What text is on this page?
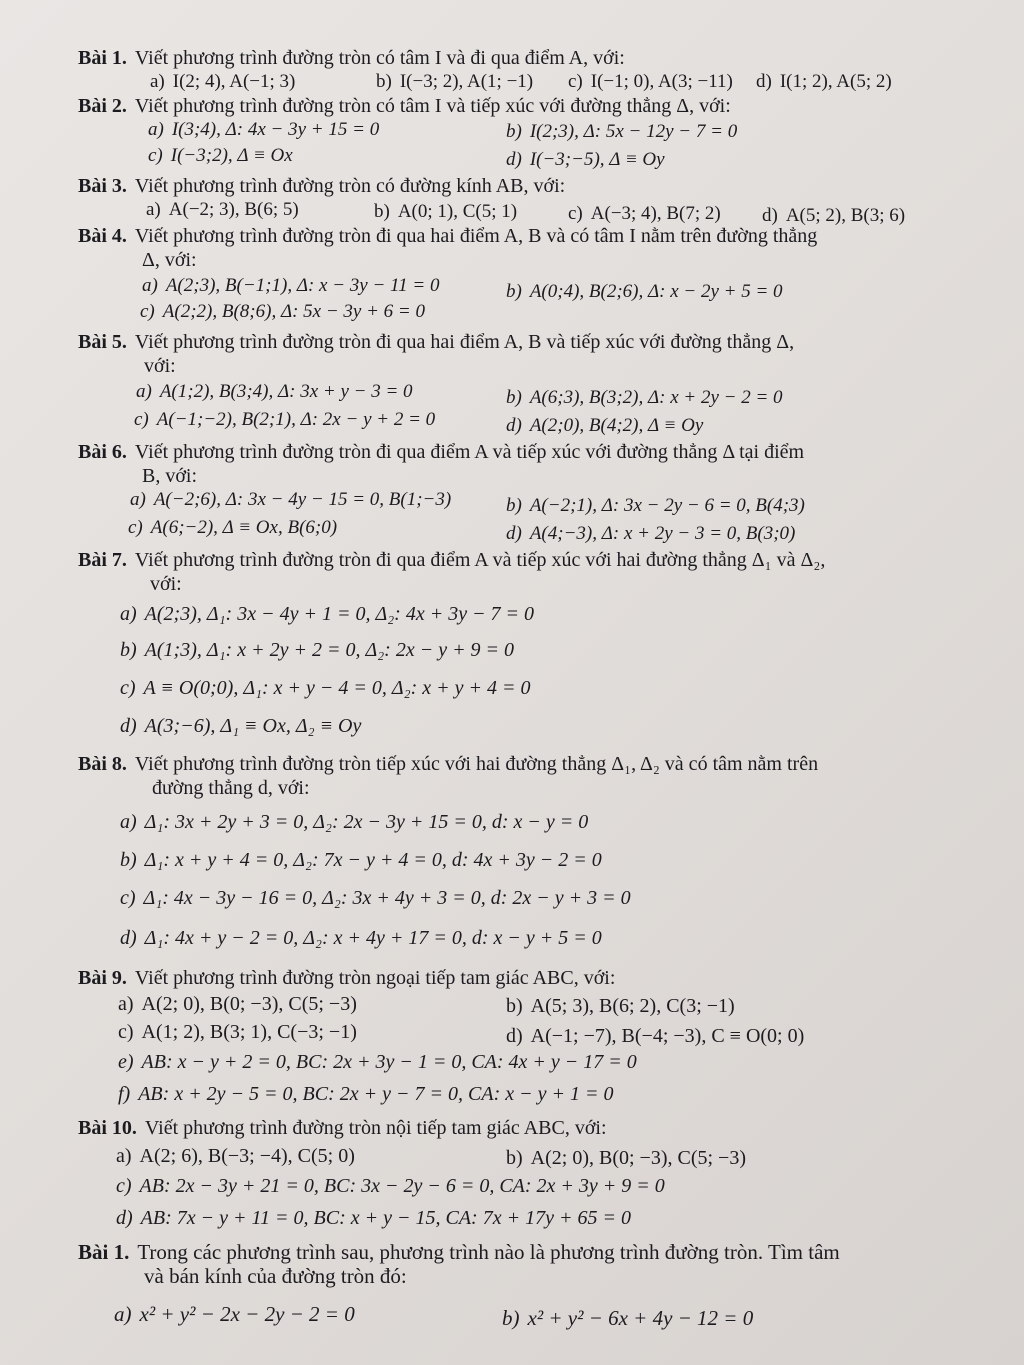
Bài 1. Viết phương trình đường tròn có tâm I và đi qua điểm A, với:
a) I(2; 4), A(−1; 3)	b) I(−3; 2), A(1; −1) c) I(−1; 0), A(3; −11) d) I(1; 2), A(5; 2)
Bài 2. Viết phương trình đường tròn có tâm I và tiếp xúc với đường thẳng Δ, với:
a) I(3;4), Δ: 4x − 3y + 15 = 0	b) I(2;3), Δ: 5x − 12y − 7 = 0
c) I(−3;2), Δ ≡ Ox	d) I(−3;−5), Δ ≡ Oy
Bài 3. Viết phương trình đường tròn có đường kính AB, với:
a) A(−2; 3), B(6; 5)	b) A(0; 1), C(5; 1)	c) A(−3; 4), B(7; 2) d) A(5; 2), B(3; 6)
Bài 4. Viết phương trình đường tròn đi qua hai điểm A, B và có tâm I nằm trên đường thẳng
Δ, với:
a) A(2;3), B(−1;1), Δ: x − 3y − 11 = 0	b) A(0;4), B(2;6), Δ: x − 2y + 5 = 0
c) A(2;2), B(8;6), Δ: 5x − 3y + 6 = 0
Bài 5. Viết phương trình đường tròn đi qua hai điểm A, B và tiếp xúc với đường thẳng Δ,
với:
a) A(1;2), B(3;4), Δ: 3x + y − 3 = 0	b) A(6;3), B(3;2), Δ: x + 2y − 2 = 0
c) A(−1;−2), B(2;1), Δ: 2x − y + 2 = 0	d) A(2;0), B(4;2), Δ ≡ Oy
Bài 6. Viết phương trình đường tròn đi qua điểm A và tiếp xúc với đường thẳng Δ tại điểm
B, với:
a) A(−2;6), Δ: 3x − 4y − 15 = 0, B(1;−3)	b) A(−2;1), Δ: 3x − 2y − 6 = 0, B(4;3)
c) A(6;−2), Δ ≡ Ox, B(6;0)	d) A(4;−3), Δ: x + 2y − 3 = 0, B(3;0)
Bài 7. Viết phương trình đường tròn đi qua điểm A và tiếp xúc với hai đường thẳng Δ₁ và Δ₂,
với:
a) A(2;3), Δ₁: 3x − 4y + 1 = 0, Δ₂: 4x + 3y − 7 = 0
b) A(1;3), Δ₁: x + 2y + 2 = 0, Δ₂: 2x − y + 9 = 0
c) A ≡ O(0;0), Δ₁: x + y − 4 = 0, Δ₂: x + y + 4 = 0
d) A(3;−6), Δ₁ ≡ Ox, Δ₂ ≡ Oy
Bài 8. Viết phương trình đường tròn tiếp xúc với hai đường thẳng Δ₁, Δ₂ và có tâm nằm trên
đường thẳng d, với:
a) Δ₁: 3x + 2y + 3 = 0, Δ₂: 2x − 3y + 15 = 0, d: x − y = 0
b) Δ₁: x + y + 4 = 0, Δ₂: 7x − y + 4 = 0, d: 4x + 3y − 2 = 0
c) Δ₁: 4x − 3y − 16 = 0, Δ₂: 3x + 4y + 3 = 0, d: 2x − y + 3 = 0
d) Δ₁: 4x + y − 2 = 0, Δ₂: x + 4y + 17 = 0, d: x − y + 5 = 0
Bài 9. Viết phương trình đường tròn ngoại tiếp tam giác ABC, với:
a) A(2; 0), B(0; −3), C(5; −3)	b) A(5; 3), B(6; 2), C(3; −1)
c) A(1; 2), B(3; 1), C(−3; −1)	d) A(−1; −7), B(−4; −3), C ≡ O(0; 0)
e) AB: x − y + 2 = 0, BC: 2x + 3y − 1 = 0, CA: 4x + y − 17 = 0
f) AB: x + 2y − 5 = 0, BC: 2x + y − 7 = 0, CA: x − y + 1 = 0
Bài 10. Viết phương trình đường tròn nội tiếp tam giác ABC, với:
a) A(2; 6), B(−3; −4), C(5; 0)	b) A(2; 0), B(0; −3), C(5; −3)
c) AB: 2x − 3y + 21 = 0, BC: 3x − 2y − 6 = 0, CA: 2x + 3y + 9 = 0
d) AB: 7x − y + 11 = 0, BC: x + y − 15, CA: 7x + 17y + 65 = 0
Bài 1. Trong các phương trình sau, phương trình nào là phương trình đường tròn. Tìm tâm
và bán kính của đường tròn đó:
a) x² + y² − 2x − 2y − 2 = 0	b) x² + y² − 6x + 4y − 12 = 0
